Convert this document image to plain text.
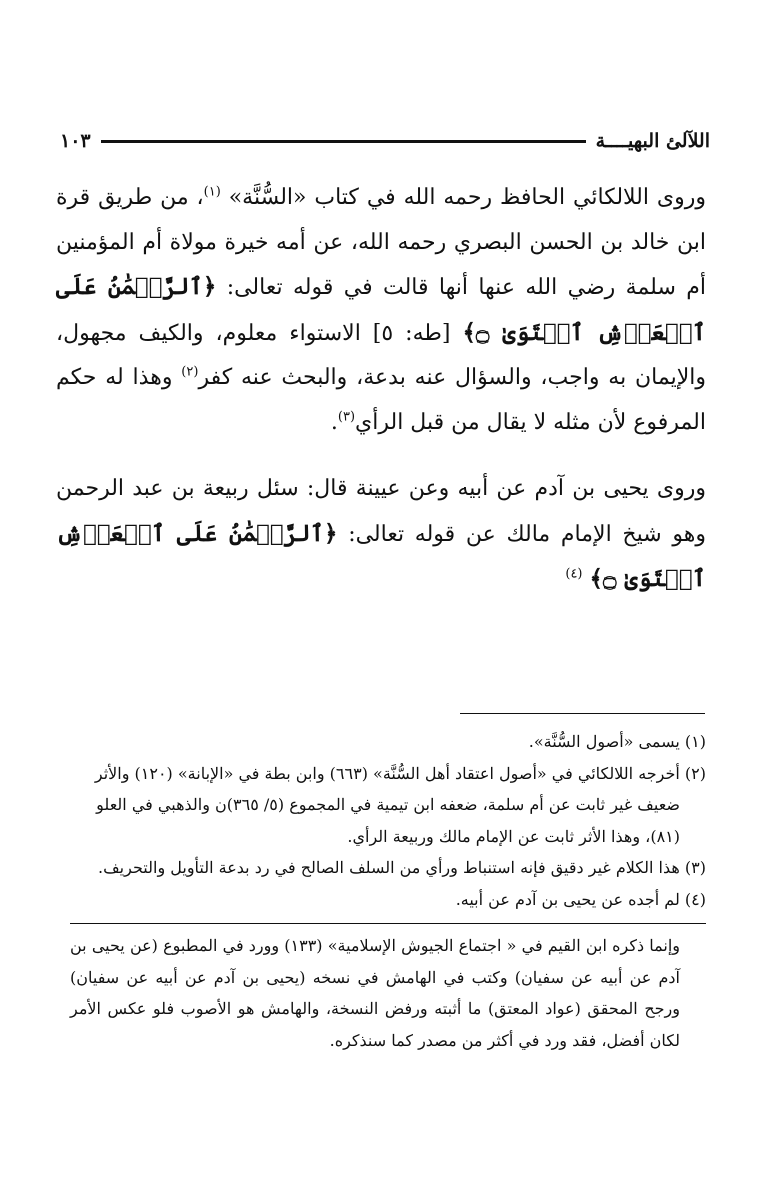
اللآلئ البهيــــة
١٠٣

وروى اللالكائي الحافظ رحمه الله في كتاب «السُّنَّة» $^{(١)}$، من طريق قرة ابن خالد بن الحسن البصري رحمه الله، عن أمه خيرة مولاة أم المؤمنين أم سلمة رضي الله عنها أنها قالت في قوله تعالى: ﴿ٱلرَّحۡمَٰنُ عَلَى ٱلۡعَرۡشِ ٱسۡتَوَىٰ ۝﴾ [طه: ٥] الاستواء معلوم، والكيف مجهول، والإيمان به واجب، والسؤال عنه بدعة، والبحث عنه كفر$^{(٢)}$ وهذا له حكم المرفوع لأن مثله لا يقال من قبل الرأي$^{(٣)}$.

وروى يحيى بن آدم عن أبيه وعن عيينة قال: سئل ربيعة بن عبد الرحمن وهو شيخ الإمام مالك عن قوله تعالى: ﴿ٱلرَّحۡمَٰنُ عَلَى ٱلۡعَرۡشِ ٱسۡتَوَىٰ ۝﴾ $^{(٤)}$

(١) يسمى «أصول السُّنَّة».

(٢) أخرجه اللالكائي في «أصول اعتقاد أهل السُّنَّة» (٦٦٣) وابن بطة في «الإبانة» (١٢٠) والأثر

ضعيف غير ثابت عن أم سلمة، ضعفه ابن تيمية في المجموع (٥/ ٣٦٥)ن والذهبي في العلو

(٨١)، وهذا الأثر ثابت عن الإمام مالك وربيعة الرأي.

(٣) هذا الكلام غير دقيق فإنه استنباط ورأي من السلف الصالح في رد بدعة التأويل والتحريف.

(٤) لم أجده عن يحيى بن آدم عن أبيه.

وإنما ذكره ابن القيم في « اجتماع الجيوش الإسلامية» (١٣٣) وورد في المطبوع (عن يحيى بن آدم عن أبيه عن سفيان) وكتب في الهامش في نسخه (يحيى بن آدم عن أبيه عن سفيان) ورجح المحقق (عواد المعتق) ما أثبته ورفض النسخة، والهامش هو الأصوب فلو عكس الأمر لكان أفضل، فقد ورد في أكثر من مصدر كما سنذكره.
